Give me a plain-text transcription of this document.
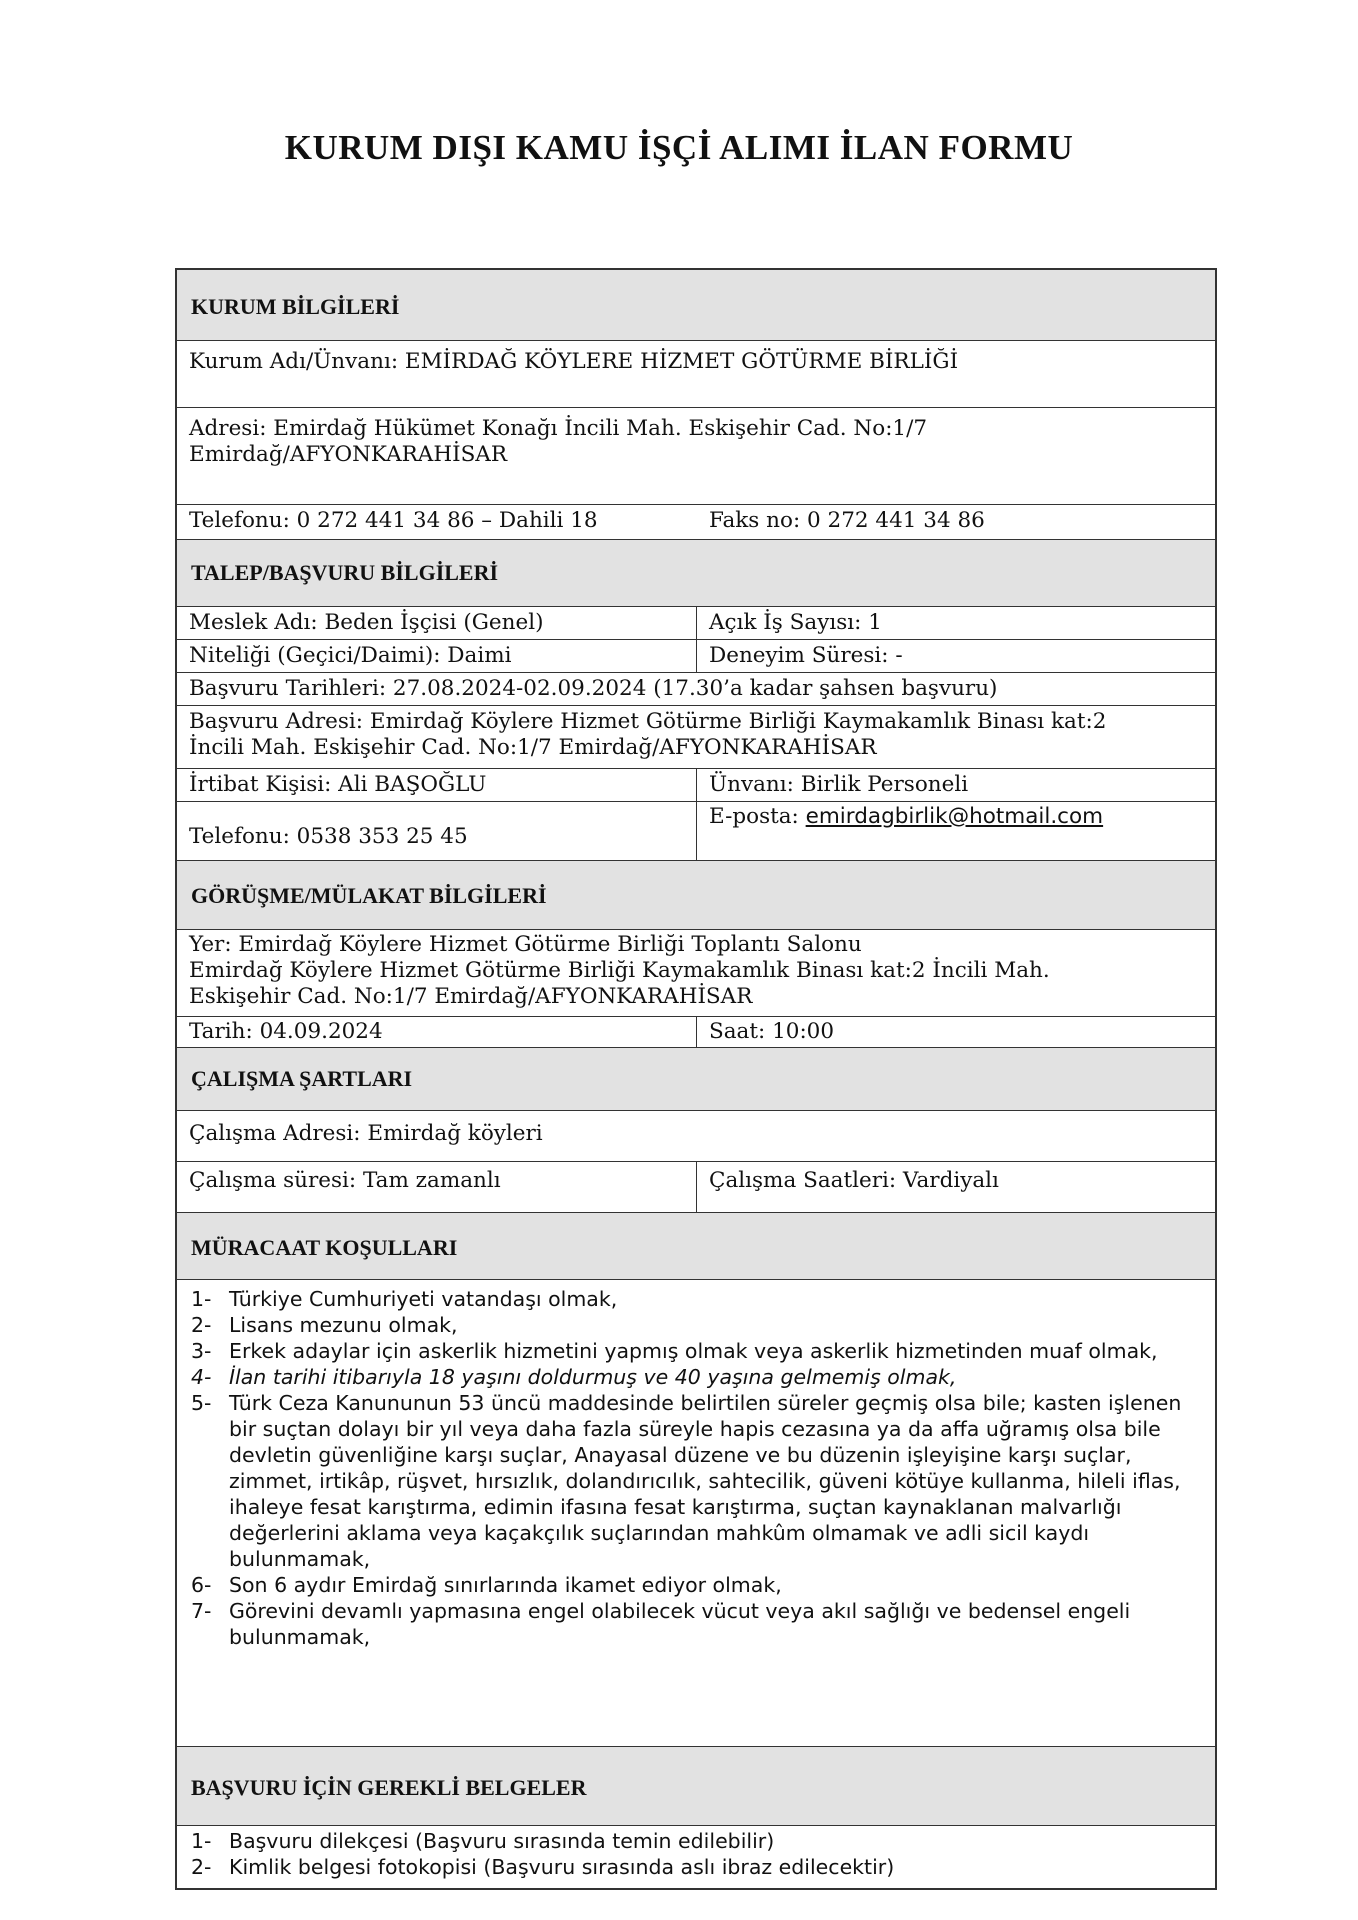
KURUM DIŞI KAMU İŞÇİ ALIMI İLAN FORMU
KURUM BİLGİLERİ
Kurum Adı/Ünvanı: EMİRDAĞ KÖYLERE HİZMET GÖTÜRME BİRLİĞİ
Adresi: Emirdağ Hükümet Konağı İncili Mah. Eskişehir Cad. No:1/7
Emirdağ/AFYONKARAHİSAR
Telefonu: 0 272 441 34 86 – Dahili 18	Faks no: 0 272 441 34 86
TALEP/BAŞVURU BİLGİLERİ
Meslek Adı: Beden İşçisi (Genel)	Açık İş Sayısı: 1
Niteliği (Geçici/Daimi): Daimi	Deneyim Süresi: -
Başvuru Tarihleri: 27.08.2024-02.09.2024 (17.30’a kadar şahsen başvuru)
Başvuru Adresi: Emirdağ Köylere Hizmet Götürme Birliği Kaymakamlık Binası kat:2
İncili Mah. Eskişehir Cad. No:1/7 Emirdağ/AFYONKARAHİSAR
İrtibat Kişisi: Ali BAŞOĞLU	Ünvanı: Birlik Personeli
Telefonu: 0538 353 25 45
E-posta: emirdagbirlik@hotmail.com
GÖRÜŞME/MÜLAKAT BİLGİLERİ
Yer: Emirdağ Köylere Hizmet Götürme Birliği Toplantı Salonu
Emirdağ Köylere Hizmet Götürme Birliği Kaymakamlık Binası kat:2 İncili Mah.
Eskişehir Cad. No:1/7 Emirdağ/AFYONKARAHİSAR
Tarih: 04.09.2024	Saat: 10:00
ÇALIŞMA ŞARTLARI
Çalışma Adresi: Emirdağ köyleri
Çalışma süresi: Tam zamanlı	Çalışma Saatleri: Vardiyalı
MÜRACAAT KOŞULLARI
1- Türkiye Cumhuriyeti vatandaşı olmak,
2- Lisans mezunu olmak,
3- Erkek adaylar için askerlik hizmetini yapmış olmak veya askerlik hizmetinden muaf olmak,
4- İlan tarihi itibarıyla 18 yaşını doldurmuş ve 40 yaşına gelmemiş olmak,
5- Türk Ceza Kanununun 53 üncü maddesinde belirtilen süreler geçmiş olsa bile; kasten işlenen bir suçtan dolayı bir yıl veya daha fazla süreyle hapis cezasına ya da affa uğramış olsa bile devletin güvenliğine karşı suçlar, Anayasal düzene ve bu düzenin işleyişine karşı suçlar, zimmet, irtikâp, rüşvet, hırsızlık, dolandırıcılık, sahtecilik, güveni kötüye kullanma, hileli iflas, ihaleye fesat karıştırma, edimin ifasına fesat karıştırma, suçtan kaynaklanan malvarlığı değerlerini aklama veya kaçakçılık suçlarından mahkûm olmamak ve adli sicil kaydı bulunmamak,
6- Son 6 aydır Emirdağ sınırlarında ikamet ediyor olmak,
7- Görevini devamlı yapmasına engel olabilecek vücut veya akıl sağlığı ve bedensel engeli bulunmamak,
BAŞVURU İÇİN GEREKLİ BELGELER
1- Başvuru dilekçesi (Başvuru sırasında temin edilebilir)
2- Kimlik belgesi fotokopisi (Başvuru sırasında aslı ibraz edilecektir)
